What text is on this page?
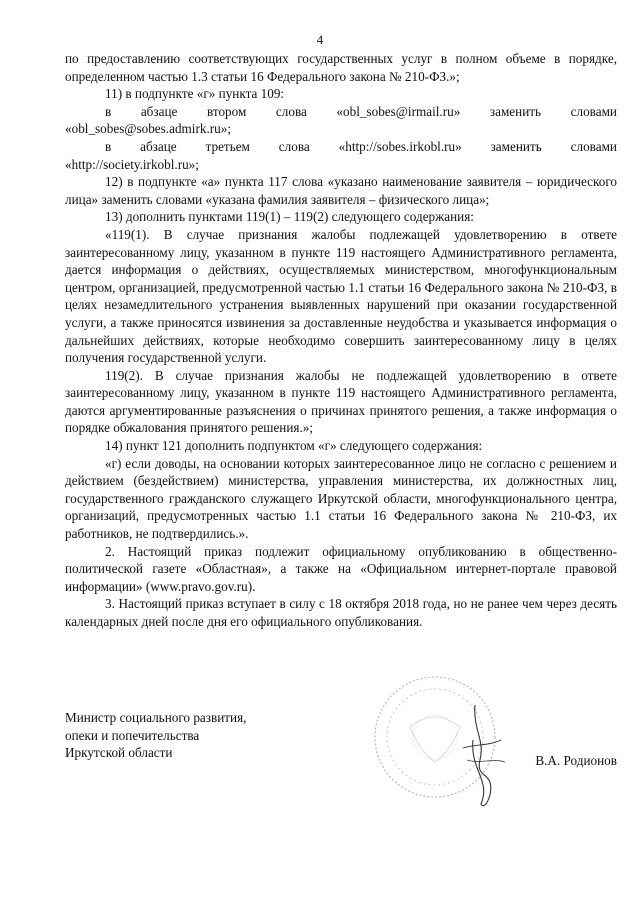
4

по предоставлению соответствующих государственных услуг в полном объеме в порядке, определенном частью 1.3 статьи 16 Федерального закона № 210-ФЗ.»;

11) в подпункте «г» пункта 109:

в абзаце втором слова «obl_sobes@irmail.ru» заменить словами

«obl_sobes@sobes.admirk.ru»;

в абзаце третьем слова «http://sobes.irkobl.ru» заменить словами

«http://society.irkobl.ru»;

12) в подпункте «а» пункта 117 слова «указано наименование заявителя – юридического лица» заменить словами «указана фамилия заявителя – физического лица»;

13) дополнить пунктами 119(1) – 119(2) следующего содержания:

«119(1). В случае признания жалобы подлежащей удовлетворению в ответе заинтересованному лицу, указанном в пункте 119 настоящего Административного регламента, дается информация о действиях, осуществляемых министерством, многофункциональным центром, организацией, предусмотренной частью 1.1 статьи 16 Федерального закона № 210-ФЗ, в целях незамедлительного устранения выявленных нарушений при оказании государственной услуги, а также приносятся извинения за доставленные неудобства и указывается информация о дальнейших действиях, которые необходимо совершить заинтересованному лицу в целях получения государственной услуги.

119(2). В случае признания жалобы не подлежащей удовлетворению в ответе заинтересованному лицу, указанном в пункте 119 настоящего Административного регламента, даются аргументированные разъяснения о причинах принятого решения, а также информация о порядке обжалования принятого решения.»;

14) пункт 121 дополнить подпунктом «г» следующего содержания:

«г) если доводы, на основании которых заинтересованное лицо не согласно с решением и действием (бездействием) министерства, управления министерства, их должностных лиц, государственного гражданского служащего Иркутской области, многофункционального центра, организаций, предусмотренных частью 1.1 статьи 16 Федерального закона № 210-ФЗ, их работников, не подтвердились.».

2. Настоящий приказ подлежит официальному опубликованию в общественно-политической газете «Областная», а также на «Официальном интернет-портале правовой информации» (www.pravo.gov.ru).

3. Настоящий приказ вступает в силу с 18 октября 2018 года, но не ранее чем через десять календарных дней после дня его официального опубликования.

Министр социального развития,
опеки и попечительства
Иркутской области
В.А. Родионов
